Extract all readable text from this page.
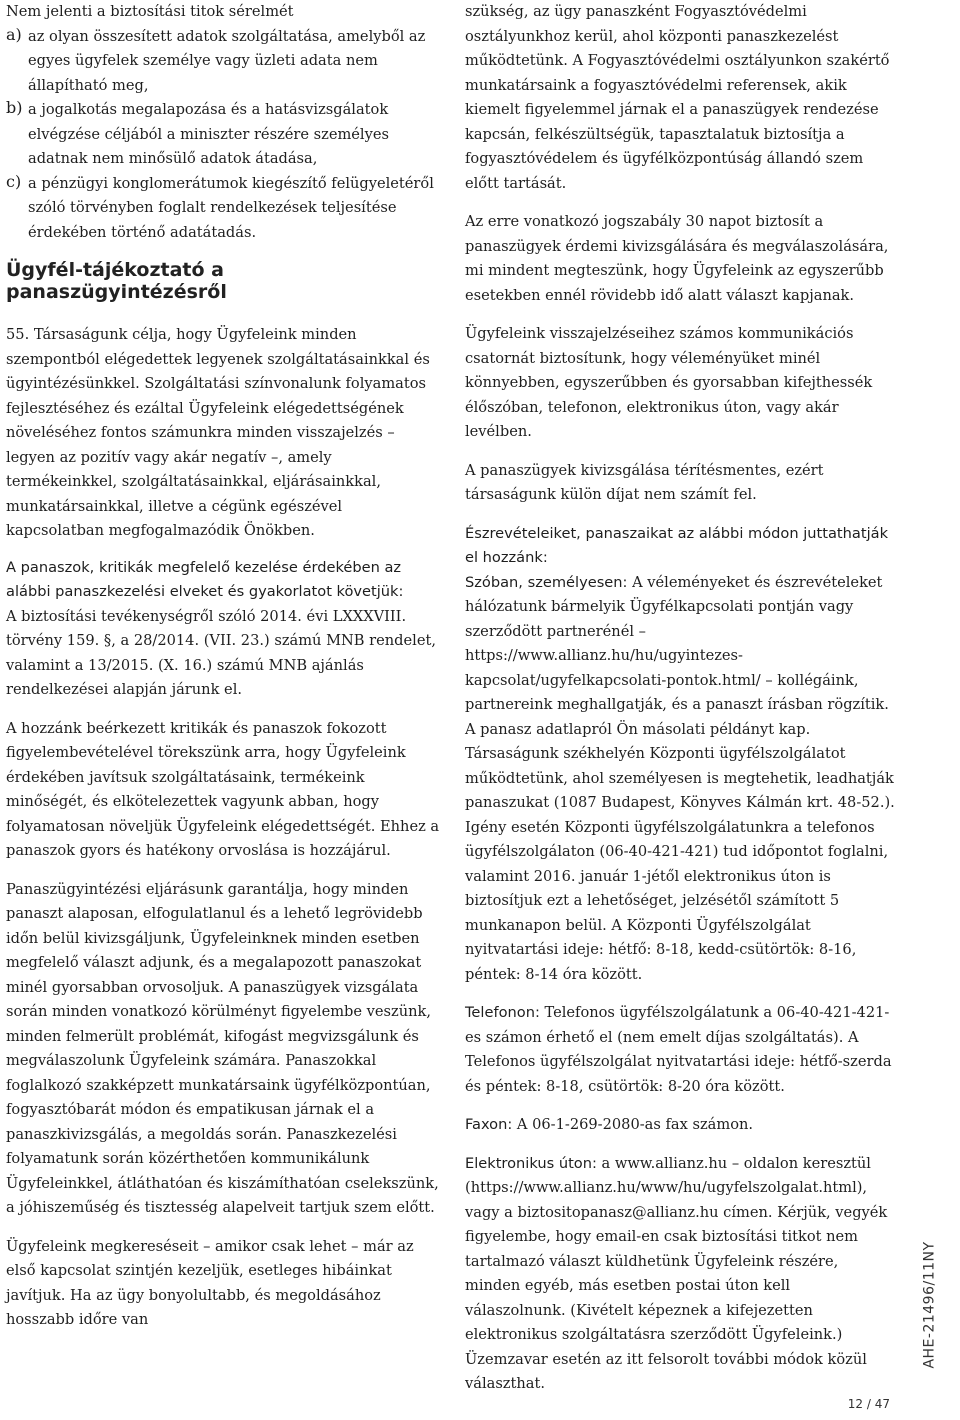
Nem jelenti a biztosítási titok sérelmét

a) az olyan összesített adatok szolgáltatása, amelyből az egyes ügyfelek személye vagy üzleti adata nem állapítható meg,

b) a jogalkotás megalapozása és a hatásvizsgálatok elvégzése céljából a miniszter részére személyes adatnak nem minősülő adatok átadása,

c) a pénzügyi konglomerátumok kiegészítő felügyeletéről szóló törvényben foglalt rendelkezések teljesítése érdekében történő adatátadás.

Ügyfél-tájékoztató a panaszügyintézésről

55. Társaságunk célja, hogy Ügyfeleink minden szempontból elégedettek legyenek szolgáltatásainkkal és ügyintézésünkkel. Szolgáltatási színvonalunk folyamatos fejlesztéséhez és ezáltal Ügyfeleink elégedettségének növeléséhez fontos számunkra minden visszajelzés – legyen az pozitív vagy akár negatív –, amely termékeinkkel, szolgáltatásainkkal, eljárásainkkal, munkatársainkkal, illetve a cégünk egészével kapcsolatban megfogalmazódik Önökben.

A panaszok, kritikák megfelelő kezelése érdekében az alábbi panaszkezelési elveket és gyakorlatot követjük:

A biztosítási tevékenységről szóló 2014. évi LXXXVIII. törvény 159. §, a 28/2014. (VII. 23.) számú MNB rendelet, valamint a 13/2015. (X. 16.) számú MNB ajánlás rendelkezései alapján járunk el.

A hozzánk beérkezett kritikák és panaszok fokozott figyelembevételével törekszünk arra, hogy Ügyfeleink érdekében javítsuk szolgáltatásaink, termékeink minőségét, és elkötelezettek vagyunk abban, hogy folyamatosan növeljük Ügyfeleink elégedettségét. Ehhez a panaszok gyors és hatékony orvoslása is hozzájárul.

Panaszügyintézési eljárásunk garantálja, hogy minden panaszt alaposan, elfogulatlanul és a lehető legrövidebb időn belül kivizsgáljunk, Ügyfeleinknek minden esetben megfelelő választ adjunk, és a megalapozott panaszokat minél gyorsabban orvosoljuk. A panaszügyek vizsgálata során minden vonatkozó körülményt figyelembe veszünk, minden felmerült problémát, kifogást megvizsgálunk és megválaszolunk Ügyfeleink számára. Panaszokkal foglalkozó szakképzett munkatársaink ügyfélközpontúan, fogyasztóbarát módon és empatikusan járnak el a panaszkivizsgálás, a megoldás során. Panaszkezelési folyamatunk során közérthetően kommunikálunk Ügyfeleinkkel, átláthatóan és kiszámíthatóan cselekszünk, a jóhiszeműség és tisztesség alapelveit tartjuk szem előtt.

Ügyfeleink megkereséseit – amikor csak lehet – már az első kapcsolat szintjén kezeljük, esetleges hibáinkat javítjuk. Ha az ügy bonyolultabb, és megoldásához hosszabb időre van

szükség, az ügy panaszként Fogyasztóvédelmi osztályunkhoz kerül, ahol központi panaszkezelést működtetünk. A Fogyasztóvédelmi osztályunkon szakértő munkatársaink a fogyasztóvédelmi referensek, akik kiemelt figyelemmel járnak el a panaszügyek rendezése kapcsán, felkészültségük, tapasztalatuk biztosítja a fogyasztóvédelem és ügyfélközpontúság állandó szem előtt tartását.

Az erre vonatkozó jogszabály 30 napot biztosít a panaszügyek érdemi kivizsgálására és megválaszolására, mi mindent megteszünk, hogy Ügyfeleink az egyszerűbb esetekben ennél rövidebb idő alatt választ kapjanak.

Ügyfeleink visszajelzéseihez számos kommunikációs csatornát biztosítunk, hogy véleményüket minél könnyebben, egyszerűbben és gyorsabban kifejthessék élőszóban, telefonon, elektronikus úton, vagy akár levélben.

A panaszügyek kivizsgálása térítésmentes, ezért társaságunk külön díjat nem számít fel.

Észrevételeiket, panaszaikat az alábbi módon juttathatják el hozzánk:

Szóban, személyesen: A véleményeket és észrevételeket hálózatunk bármelyik Ügyfélkapcsolati pontján vagy szerződött partnerénél – https://www.allianz.hu/hu/ugyintezes-kapcsolat/ugyfelkapcsolati-pontok.html/ – kollégáink, partnereink meghallgatják, és a panaszt írásban rögzítik. A panasz adatlapról Ön másolati példányt kap. Társaságunk székhelyén Központi ügyfélszolgálatot működtetünk, ahol személyesen is megtehetik, leadhatják panaszukat (1087 Budapest, Könyves Kálmán krt. 48-52.). Igény esetén Központi ügyfélszolgálatunkra a telefonos ügyfélszolgálaton (06-40-421-421) tud időpontot foglalni, valamint 2016. január 1-jétől elektronikus úton is biztosítjuk ezt a lehetőséget, jelzésétől számított 5 munkanapon belül. A Központi Ügyfélszolgálat nyitvatartási ideje: hétfő: 8-18, kedd-csütörtök: 8-16, péntek: 8-14 óra között.

Telefonon: Telefonos ügyfélszolgálatunk a 06-40-421-421-es számon érhető el (nem emelt díjas szolgáltatás). A Telefonos ügyfélszolgálat nyitvatartási ideje: hétfő-szerda és péntek: 8-18, csütörtök: 8-20 óra között.

Faxon: A 06-1-269-2080-as fax számon.

Elektronikus úton: a www.allianz.hu – oldalon keresztül (https://www.allianz.hu/www/hu/ugyfelszolgalat.html), vagy a biztositopanasz@allianz.hu címen. Kérjük, vegyék figyelembe, hogy email-en csak biztosítási titkot nem tartalmazó választ küldhetünk Ügyfeleink részére, minden egyéb, más esetben postai úton kell válaszolnunk. (Kivételt képeznek a kifejezetten elektronikus szolgáltatásra szerződött Ügyfeleink.) Üzemzavar esetén az itt felsorolt további módok közül választhat.

AHE-21496/11NY
12 / 47
